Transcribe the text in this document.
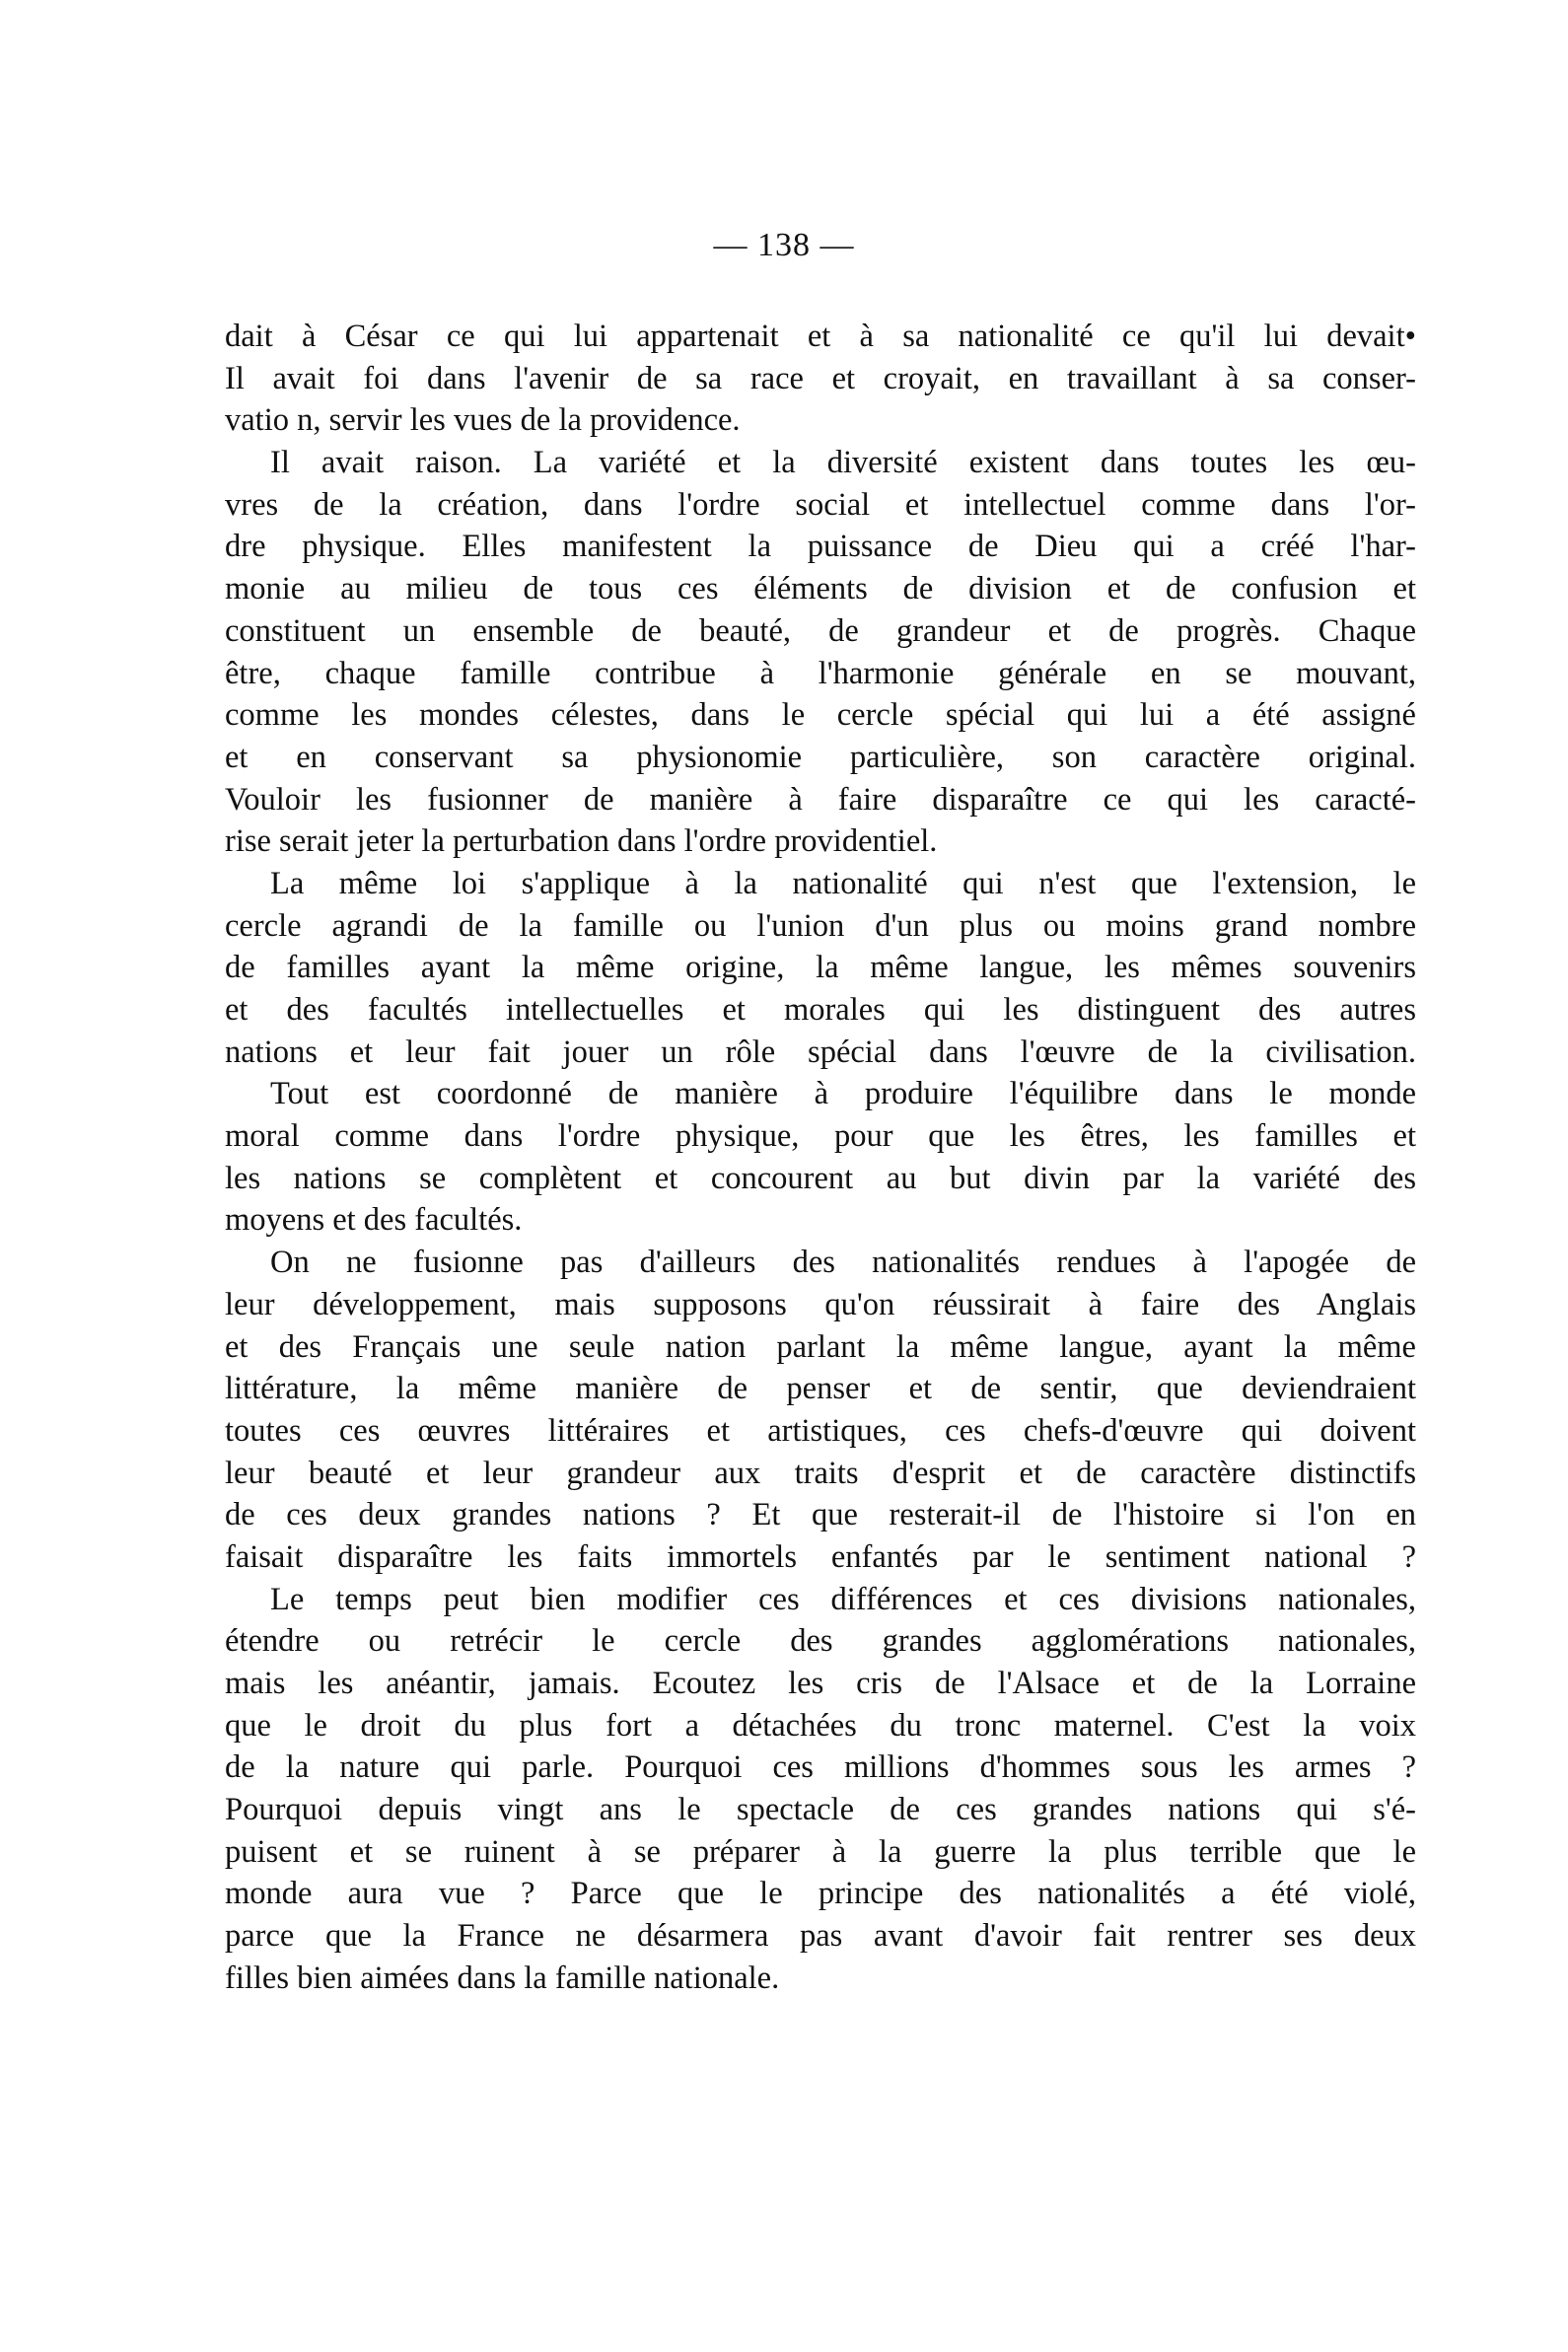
— 138 —
dait à César ce qui lui appartenait et à sa nationalité ce qu'il lui devait•
Il avait foi dans l'avenir de sa race et croyait, en travaillant à sa conser-
vatio n, servir les vues de la providence.
Il avait raison. La variété et la diversité existent dans toutes les œu-
vres de la création, dans l'ordre social et intellectuel comme dans l'or-
dre physique. Elles manifestent la puissance de Dieu qui a créé l'har-
monie au milieu de tous ces éléments de division et de confusion et
constituent un ensemble de beauté, de grandeur et de progrès. Chaque
être, chaque famille contribue à l'harmonie générale en se mouvant,
comme les mondes célestes, dans le cercle spécial qui lui a été assigné
et en conservant sa physionomie particulière, son caractère original.
Vouloir les fusionner de manière à faire disparaître ce qui les caracté-
rise serait jeter la perturbation dans l'ordre providentiel.
La même loi s'applique à la nationalité qui n'est que l'extension, le
cercle agrandi de la famille ou l'union d'un plus ou moins grand nombre
de familles ayant la même origine, la même langue, les mêmes souvenirs
et des facultés intellectuelles et morales qui les distinguent des autres
nations et leur fait jouer un rôle spécial dans l'œuvre de la civilisation.
Tout est coordonné de manière à produire l'équilibre dans le monde
moral comme dans l'ordre physique, pour que les êtres, les familles et
les nations se complètent et concourent au but divin par la variété des
moyens et des facultés.
On ne fusionne pas d'ailleurs des nationalités rendues à l'apogée de
leur développement, mais supposons qu'on réussirait à faire des Anglais
et des Français une seule nation parlant la même langue, ayant la même
littérature, la même manière de penser et de sentir, que deviendraient
toutes ces œuvres littéraires et artistiques, ces chefs-d'œuvre qui doivent
leur beauté et leur grandeur aux traits d'esprit et de caractère distinctifs
de ces deux grandes nations ? Et que resterait-il de l'histoire si l'on en
faisait disparaître les faits immortels enfantés par le sentiment national ?
Le temps peut bien modifier ces différences et ces divisions nationales,
étendre ou retrécir le cercle des grandes agglomérations nationales,
mais les anéantir, jamais. Ecoutez les cris de l'Alsace et de la Lorraine
que le droit du plus fort a détachées du tronc maternel. C'est la voix
de la nature qui parle. Pourquoi ces millions d'hommes sous les armes ?
Pourquoi depuis vingt ans le spectacle de ces grandes nations qui s'é-
puisent et se ruinent à se préparer à la guerre la plus terrible que le
monde aura vue ? Parce que le principe des nationalités a été violé,
parce que la France ne désarmera pas avant d'avoir fait rentrer ses deux
filles bien aimées dans la famille nationale.
